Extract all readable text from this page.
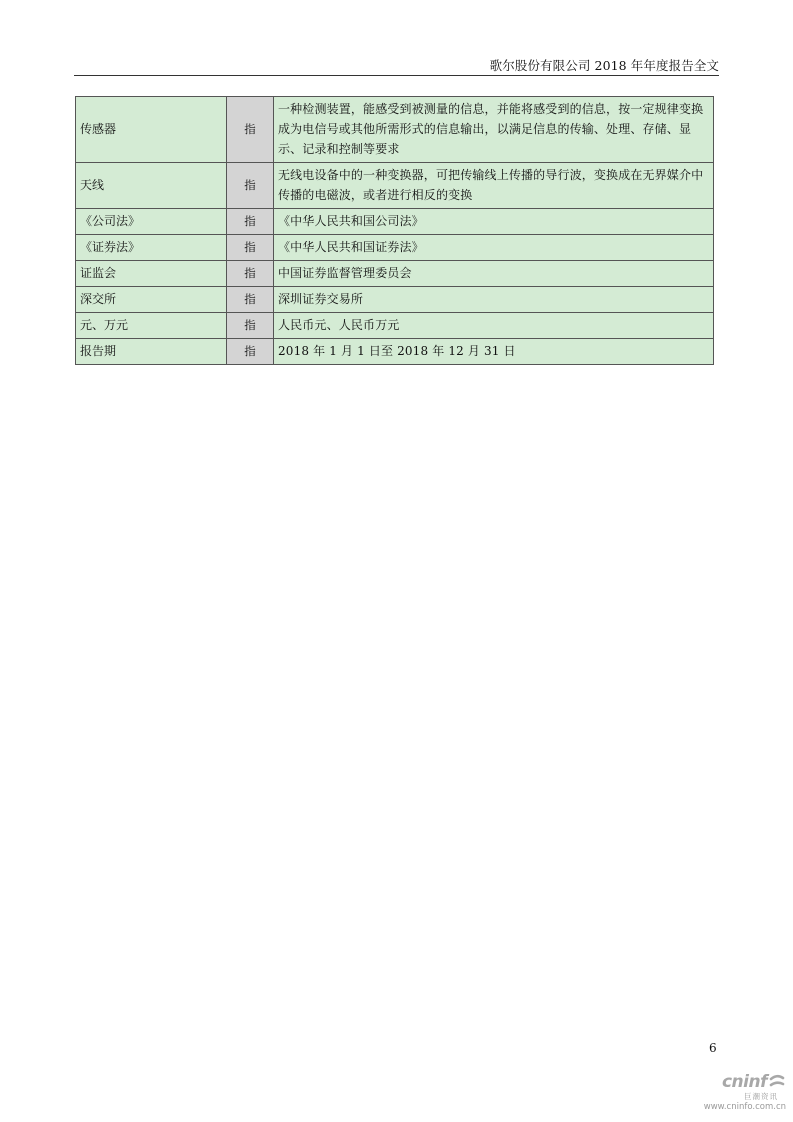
歌尔股份有限公司 2018 年年度报告全文
传感器	指	一种检测装置，能感受到被测量的信息，并能将感受到的信息，按一定规律变换成为电信号或其他所需形式的信息输出，以满足信息的传输、处理、存储、显示、记录和控制等要求
天线	指	无线电设备中的一种变换器，可把传输线上传播的导行波，变换成在无界媒介中传播的电磁波，或者进行相反的变换
《公司法》	指	《中华人民共和国公司法》
《证券法》	指	《中华人民共和国证券法》
证监会	指	中国证券监督管理委员会
深交所	指	深圳证券交易所
元、万元	指	人民币元、人民币万元
报告期	指	2018 年 1 月 1 日至 2018 年 12 月 31 日
6
cninf
巨潮资讯
www.cninfo.com.cn
